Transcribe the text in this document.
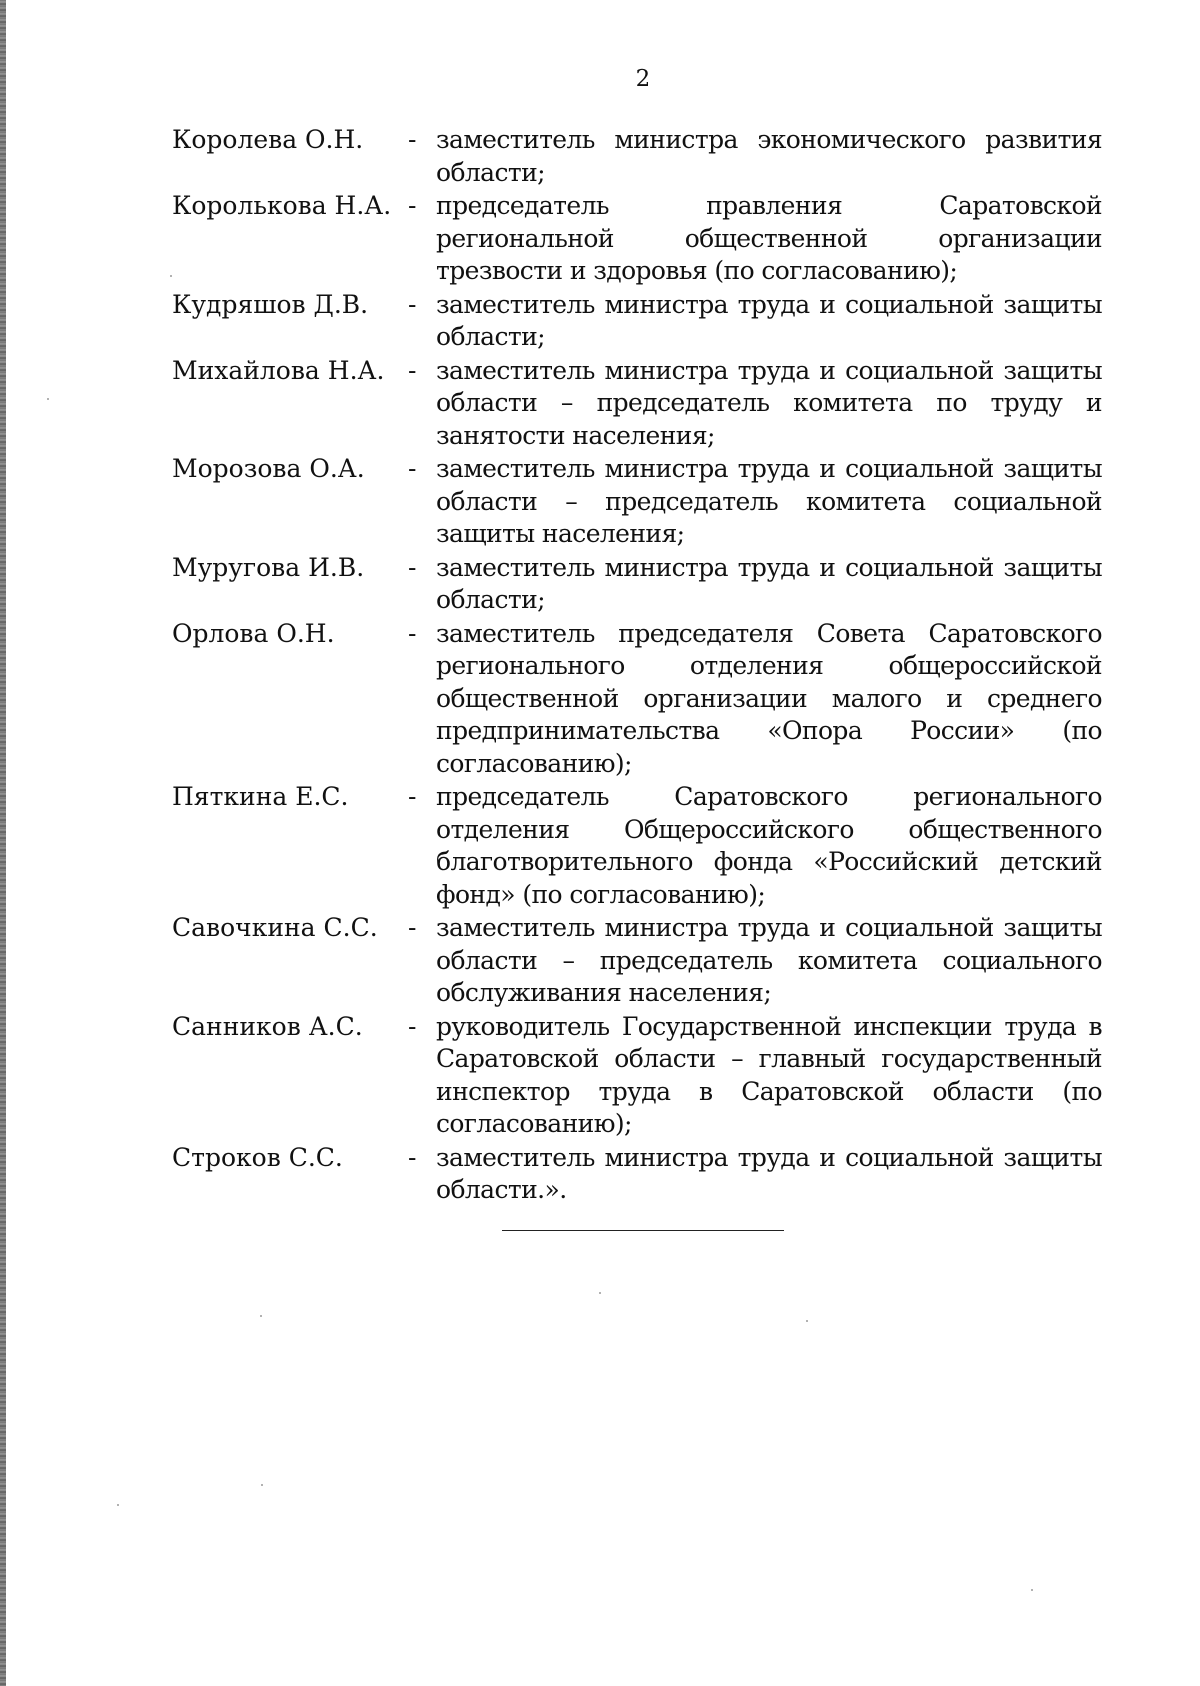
2
Королева О.Н.	- заместитель министра экономического развития области;
Королькова Н.А. - председатель правления Саратовской региональной общественной организации трезвости и здоровья (по согласованию);
Кудряшов Д.В.	- заместитель министра труда и социальной защиты области;
Михайлова Н.А. - заместитель министра труда и социальной защиты области – председатель комитета по труду и занятости населения;
Морозова О.А.	- заместитель министра труда и социальной защиты области – председатель комитета социальной защиты населения;
Муругова И.В.	- заместитель министра труда и социальной защиты области;
Орлова О.Н.	- заместитель председателя Совета Саратовского регионального отделения общероссийской общественной организации малого и среднего предпринимательства «Опора России» (по согласованию);
Пяткина Е.С.	- председатель Саратовского регионального отделения Общероссийского общественного благотворительного фонда «Российский детский фонд» (по согласованию);
Савочкина С.С.	- заместитель министра труда и социальной защиты области – председатель комитета социального обслуживания населения;
Санников А.С.	- руководитель Государственной инспекции труда в Саратовской области – главный государственный инспектор труда в Саратовской области (по согласованию);
Строков С.С.	- заместитель министра труда и социальной защиты области.».
